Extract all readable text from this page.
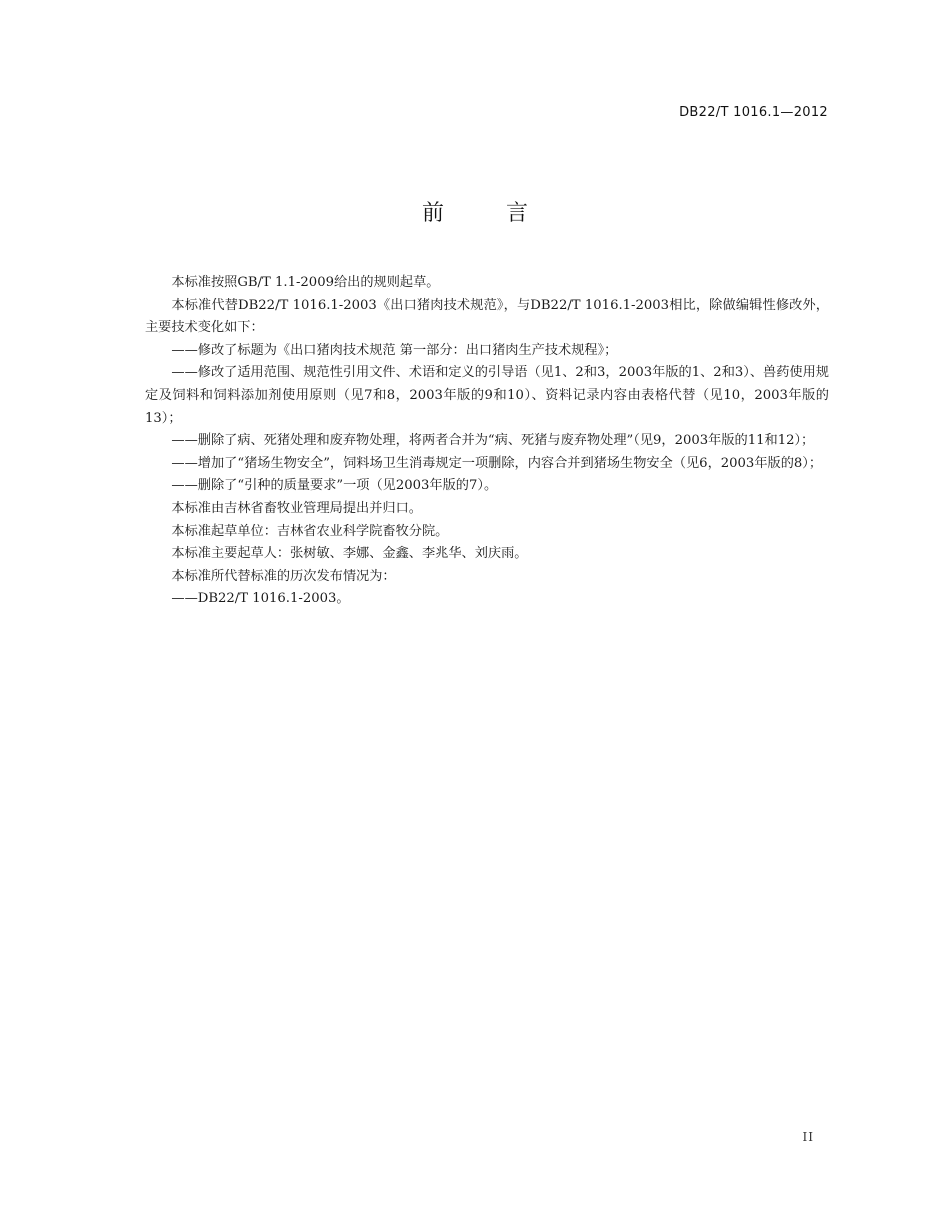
DB22/T 1016.1—2012
前　言

本标准按照GB/T 1.1-2009给出的规则起草。

本标准代替DB22/T 1016.1-2003《出口猪肉技术规范》，与DB22/T 1016.1-2003相比，除做编辑性修改外，主要技术变化如下：

——修改了标题为《出口猪肉技术规范 第一部分：出口猪肉生产技术规程》；

——修改了适用范围、规范性引用文件、术语和定义的引导语（见1、2和3，2003年版的1、2和3）、兽药使用规定及饲料和饲料添加剂使用原则（见7和8，2003年版的9和10）、资料记录内容由表格代替（见10，2003年版的13）；

——删除了病、死猪处理和废弃物处理，将两者合并为“病、死猪与废弃物处理”（见9，2003年版的11和12）；

——增加了“猪场生物安全”，饲料场卫生消毒规定一项删除，内容合并到猪场生物安全（见6，2003年版的8）；

——删除了“引种的质量要求”一项（见2003年版的7）。

本标准由吉林省畜牧业管理局提出并归口。

本标准起草单位：吉林省农业科学院畜牧分院。

本标准主要起草人：张树敏、李娜、金鑫、李兆华、刘庆雨。

本标准所代替标准的历次发布情况为：

——DB22/T 1016.1-2003。

II
